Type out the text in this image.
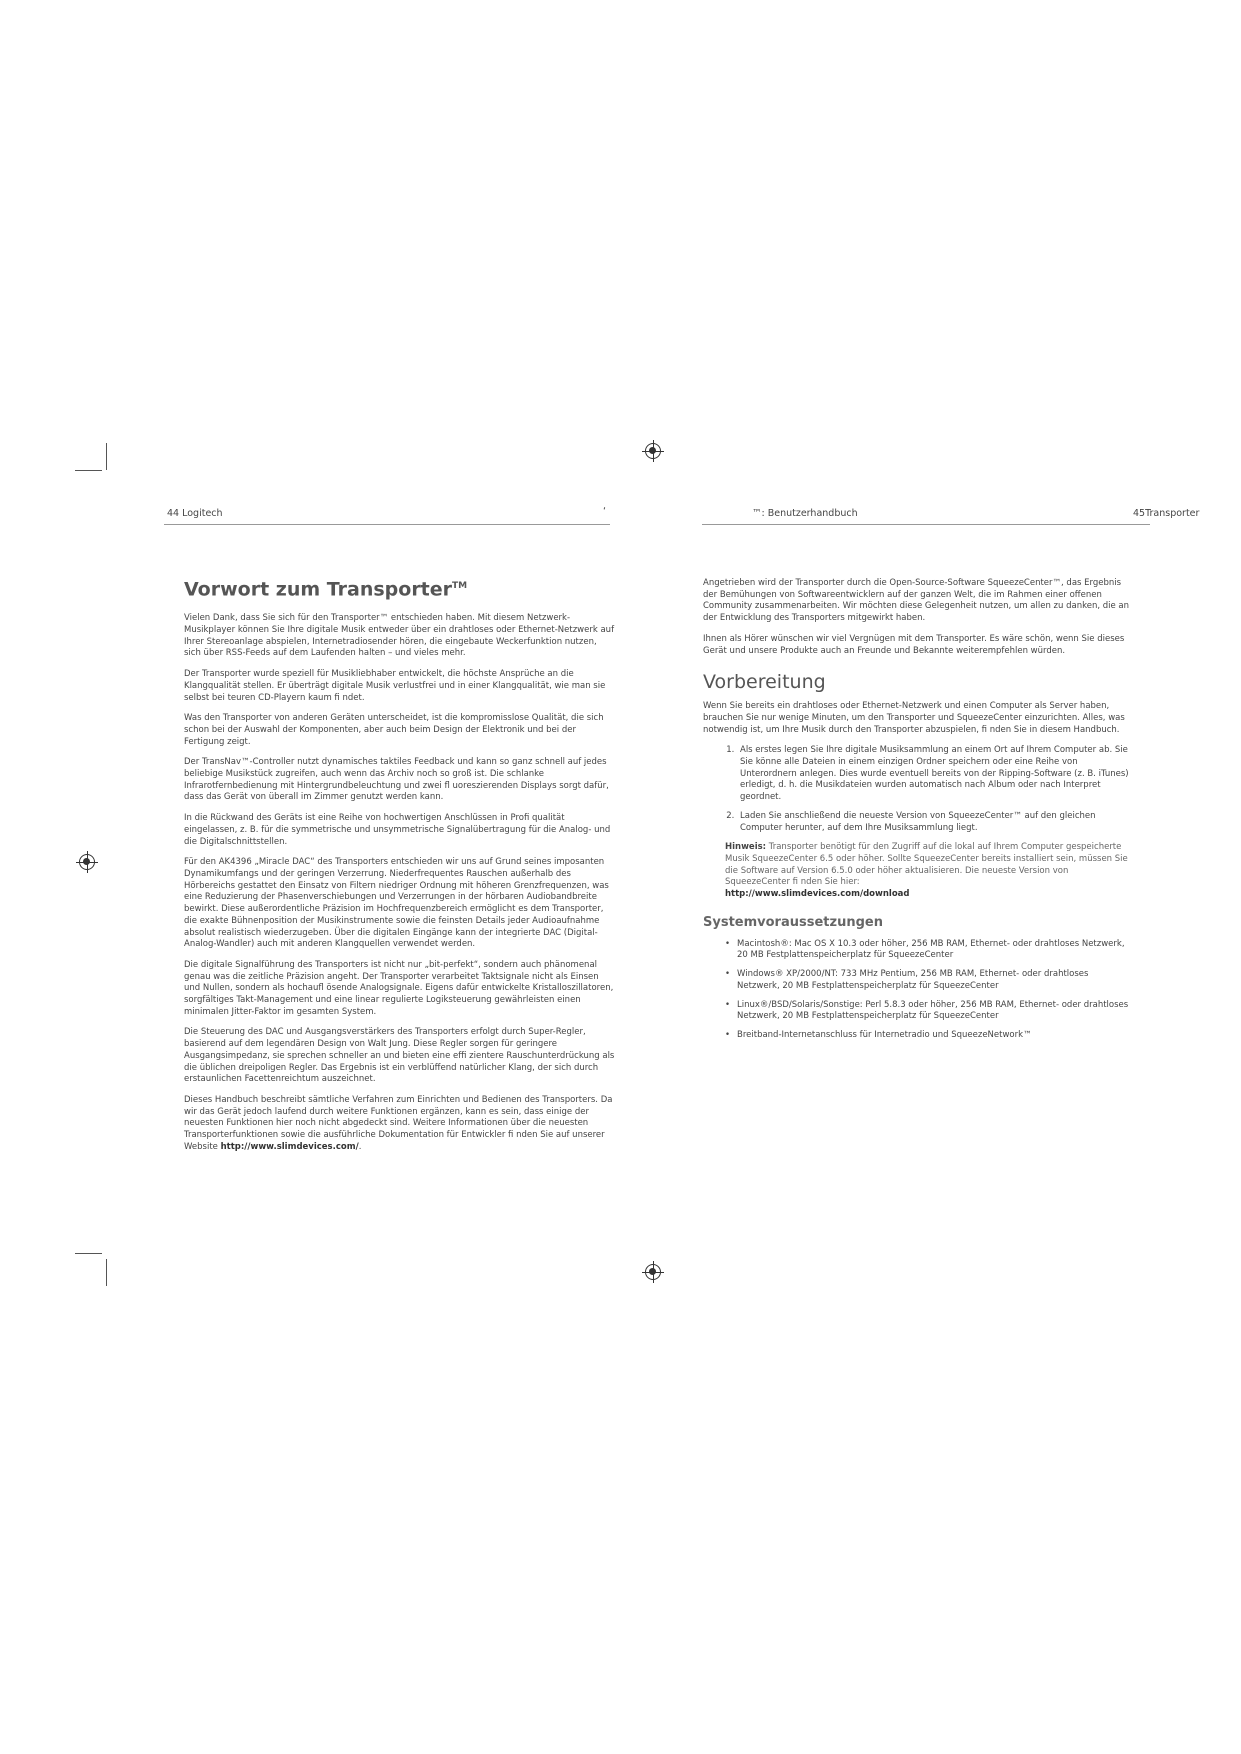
44 Logitech	‘
Vorwort zum Transporter™

Vielen Dank, dass Sie sich für den Transporter™ entschieden haben. Mit diesem Netzwerk-Musikplayer können Sie Ihre digitale Musik entweder über ein drahtloses oder Ethernet-Netzwerk auf Ihrer Stereoanlage abspielen, Internetradiosender hören, die eingebaute Weckerfunktion nutzen, sich über RSS-Feeds auf dem Laufenden halten – und vieles mehr.

Der Transporter wurde speziell für Musikliebhaber entwickelt, die höchste Ansprüche an die Klangqualität stellen. Er überträgt digitale Musik verlustfrei und in einer Klangqualität, wie man sie selbst bei teuren CD-Playern kaum fi ndet.

Was den Transporter von anderen Geräten unterscheidet, ist die kompromisslose Qualität, die sich schon bei der Auswahl der Komponenten, aber auch beim Design der Elektronik und bei der Fertigung zeigt.

Der TransNav™-Controller nutzt dynamisches taktiles Feedback und kann so ganz schnell auf jedes beliebige Musikstück zugreifen, auch wenn das Archiv noch so groß ist. Die schlanke Infrarotfernbedienung mit Hintergrundbeleuchtung und zwei fl uoreszierenden Displays sorgt dafür, dass das Gerät von überall im Zimmer genutzt werden kann.

In die Rückwand des Geräts ist eine Reihe von hochwertigen Anschlüssen in Profi qualität eingelassen, z. B. für die symmetrische und unsymmetrische Signalübertragung für die Analog- und die Digitalschnittstellen.

Für den AK4396 „Miracle DAC“ des Transporters entschieden wir uns auf Grund seines imposanten Dynamikumfangs und der geringen Verzerrung. Niederfrequentes Rauschen außerhalb des Hörbereichs gestattet den Einsatz von Filtern niedriger Ordnung mit höheren Grenzfrequenzen, was eine Reduzierung der Phasenverschiebungen und Verzerrungen in der hörbaren Audiobandbreite bewirkt. Diese außerordentliche Präzision im Hochfrequenzbereich ermöglicht es dem Transporter, die exakte Bühnenposition der Musikinstrumente sowie die feinsten Details jeder Audioaufnahme absolut realistisch wiederzugeben. Über die digitalen Eingänge kann der integrierte DAC (Digital-Analog-Wandler) auch mit anderen Klangquellen verwendet werden.

Die digitale Signalführung des Transporters ist nicht nur „bit-perfekt“, sondern auch phänomenal genau was die zeitliche Präzision angeht. Der Transporter verarbeitet Taktsignale nicht als Einsen und Nullen, sondern als hochaufl ösende Analogsignale. Eigens dafür entwickelte Kristalloszillatoren, sorgfältiges Takt-Management und eine linear regulierte Logiksteuerung gewährleisten einen minimalen Jitter-Faktor im gesamten System.

Die Steuerung des DAC und Ausgangsverstärkers des Transporters erfolgt durch Super-Regler, basierend auf dem legendären Design von Walt Jung. Diese Regler sorgen für geringere Ausgangsimpedanz, sie sprechen schneller an und bieten eine effi zientere Rauschunterdrückung als die üblichen dreipoligen Regler. Das Ergebnis ist ein verblüffend natürlicher Klang, der sich durch erstaunlichen Facettenreichtum auszeichnet.

Dieses Handbuch beschreibt sämtliche Verfahren zum Einrichten und Bedienen des Transporters. Da wir das Gerät jedoch laufend durch weitere Funktionen ergänzen, kann es sein, dass einige der neuesten Funktionen hier noch nicht abgedeckt sind. Weitere Informationen über die neuesten Transporterfunktionen sowie die ausführliche Dokumentation für Entwickler fi nden Sie auf unserer Website http://www.slimdevices.com/.

™: Benutzerhandbuch	45Transporter

Angetrieben wird der Transporter durch die Open-Source-Software SqueezeCenter™, das Ergebnis der Bemühungen von Softwareentwicklern auf der ganzen Welt, die im Rahmen einer offenen Community zusammenarbeiten. Wir möchten diese Gelegenheit nutzen, um allen zu danken, die an der Entwicklung des Transporters mitgewirkt haben.

Ihnen als Hörer wünschen wir viel Vergnügen mit dem Transporter. Es wäre schön, wenn Sie dieses Gerät und unsere Produkte auch an Freunde und Bekannte weiterempfehlen würden.

Vorbereitung

Wenn Sie bereits ein drahtloses oder Ethernet-Netzwerk und einen Computer als Server haben, brauchen Sie nur wenige Minuten, um den Transporter und SqueezeCenter einzurichten. Alles, was notwendig ist, um Ihre Musik durch den Transporter abzuspielen, fi nden Sie in diesem Handbuch.

1. Als erstes legen Sie Ihre digitale Musiksammlung an einem Ort auf Ihrem Computer ab. Sie Sie könne alle Dateien in einem einzigen Ordner speichern oder eine Reihe von Unterordnern anlegen. Dies wurde eventuell bereits von der Ripping-Software (z. B. iTunes) erledigt, d. h. die Musikdateien wurden automatisch nach Album oder nach Interpret geordnet.
2. Laden Sie anschließend die neueste Version von SqueezeCenter™ auf den gleichen Computer herunter, auf dem Ihre Musiksammlung liegt.
Hinweis: Transporter benötigt für den Zugriff auf die lokal auf Ihrem Computer gespeicherte Musik SqueezeCenter 6.5 oder höher. Sollte SqueezeCenter bereits installiert sein, müssen Sie die Software auf Version 6.5.0 oder höher aktualisieren. Die neueste Version von SqueezeCenter fi nden Sie hier:
http://www.slimdevices.com/download
Systemvoraussetzungen
• Macintosh®: Mac OS X 10.3 oder höher, 256 MB RAM, Ethernet- oder drahtloses Netzwerk, 20 MB Festplattenspeicherplatz für SqueezeCenter
• Windows® XP/2000/NT: 733 MHz Pentium, 256 MB RAM, Ethernet- oder drahtloses Netzwerk, 20 MB Festplattenspeicherplatz für SqueezeCenter
• Linux®/BSD/Solaris/Sonstige: Perl 5.8.3 oder höher, 256 MB RAM, Ethernet- oder drahtloses Netzwerk, 20 MB Festplattenspeicherplatz für SqueezeCenter
• Breitband-Internetanschluss für Internetradio und SqueezeNetwork™
